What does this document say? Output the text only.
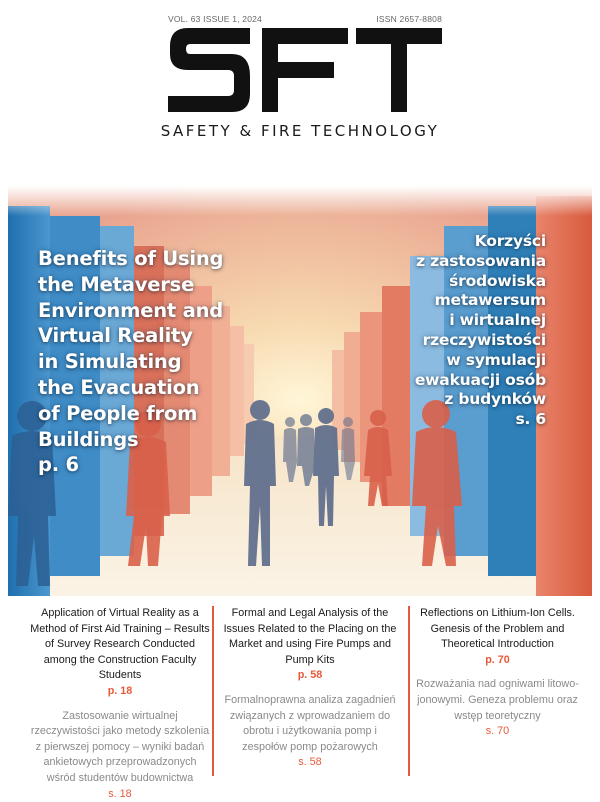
VOL. 63 ISSUE 1, 2024	ISSN 2657-8808
SAFETY & FIRE TECHNOLOGY
Benefits of Using
the Metaverse
Environment and
Virtual Reality
in Simulating
the Evacuation
of People from
Buildings
p. 6
Korzyści
z zastosowania
środowiska
metawersum
i wirtualnej
rzeczywistości
w symulacji
ewakuacji osób
z budynków
s. 6
Application of Virtual Reality as a Method of First Aid Training – Results of Survey Research Conducted among the Construction Faculty Students
p. 18
Zastosowanie wirtualnej rzeczywistości jako metody szkolenia z pierwszej pomocy – wyniki badań ankietowych przeprowadzonych wśród studentów budownictwa
s. 18
Formal and Legal Analysis of the Issues Related to the Placing on the Market and using Fire Pumps and Pump Kits
p. 58
Formalnoprawna analiza zagadnień związanych z wprowadzaniem do obrotu i użytkowania pomp i zespołów pomp pożarowych
s. 58
Reflections on Lithium-Ion Cells. Genesis of the Problem and Theoretical Introduction
p. 70
Rozważania nad ogniwami litowo-jonowymi. Geneza problemu oraz wstęp teoretyczny
s. 70
